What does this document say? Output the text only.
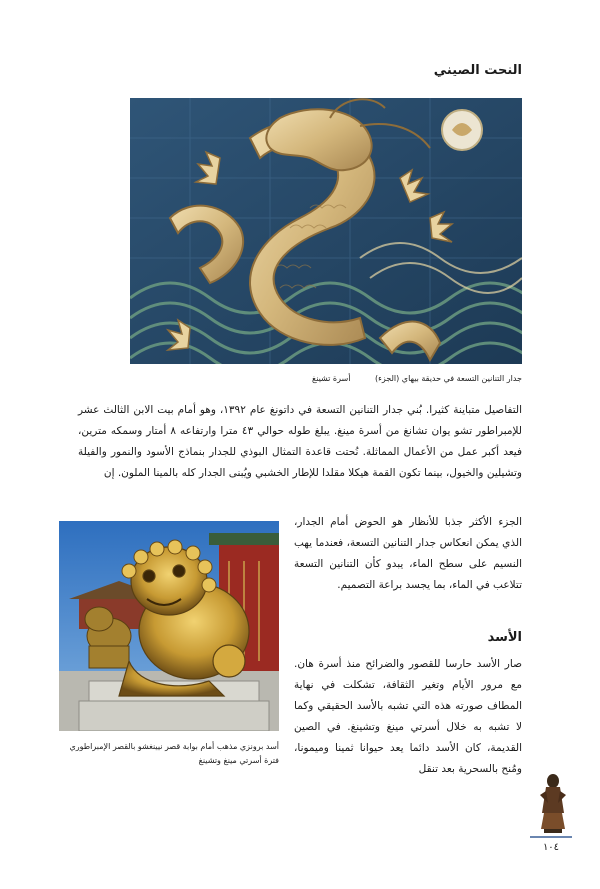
النحت الصيني
جدار التنانين التسعة في حديقة بيهاي (الجزء) أسرة تشينغ

التفاصيل متباينة كثيرا. بُني جدار التنانين التسعة في داتونغ عام ١٣٩٢، وهو أمام بيت الابن الثالث عشر للإمبراطور تشو يوان تشانغ من أسرة مينغ. يبلغ طوله حوالي ٤٣ مترا وارتفاعه ٨ أمتار وسمكه مترين، فيعد أكبر عمل من الأعمال المماثلة. نُحتت قاعدة التمثال البوذي للجدار بنماذج الأسود والنمور والفيلة وتشيلين والخيول، بينما تكون القمة هيكلا مقلدا للإطار الخشبي ويُبنى الجدار كله بالمينا الملون. إن

الجزء الأكثر جذبا للأنظار هو الحوض أمام الجدار، الذي يمكن انعكاس جدار التنانين التسعة، فعندما يهب النسيم على سطح الماء، يبدو كأن التنانين التسعة تتلاعب في الماء، بما يجسد براعة التصميم.

أسد برونزي مذهب أمام بوابة قصر نيينغشو بالقصر الإمبراطوري
فترة أسرتي مينغ وتشينغ
الأسد

صار الأسد حارسا للقصور والضرائح منذ أسرة هان. مع مرور الأيام وتغير الثقافة، تشكلت في نهاية المطاف صورته هذه التي تشبه بالأسد الحقيقي وكما لا تشبه به خلال أسرتي مينغ وتشينغ. في الصين القديمة، كان الأسد دائما يعد حيوانا ثمينا وميمونا، ومُنح بالسحرية بعد تنقل

١٠٤
